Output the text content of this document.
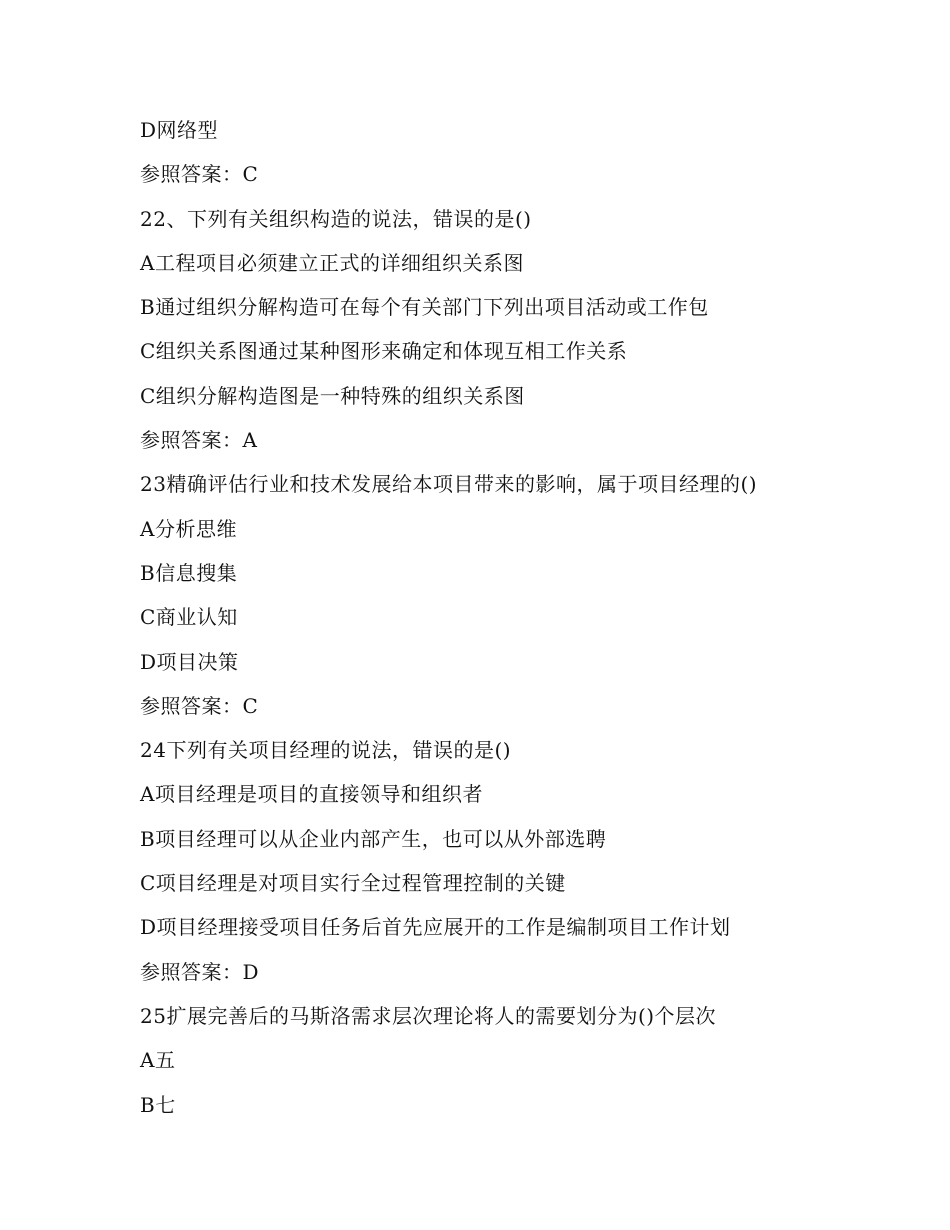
D网络型
参照答案：C
22、下列有关组织构造的说法，错误的是()
A工程项目必须建立正式的详细组织关系图
B通过组织分解构造可在每个有关部门下列出项目活动或工作包
C组织关系图通过某种图形来确定和体现互相工作关系
C组织分解构造图是一种特殊的组织关系图
参照答案：A
23精确评估行业和技术发展给本项目带来的影响，属于项目经理的()
A分析思维
B信息搜集
C商业认知
D项目决策
参照答案：C
24下列有关项目经理的说法，错误的是()
A项目经理是项目的直接领导和组织者
B项目经理可以从企业内部产生，也可以从外部选聘
C项目经理是对项目实行全过程管理控制的关键
D项目经理接受项目任务后首先应展开的工作是编制项目工作计划
参照答案：D
25扩展完善后的马斯洛需求层次理论将人的需要划分为()个层次
A五
B七
